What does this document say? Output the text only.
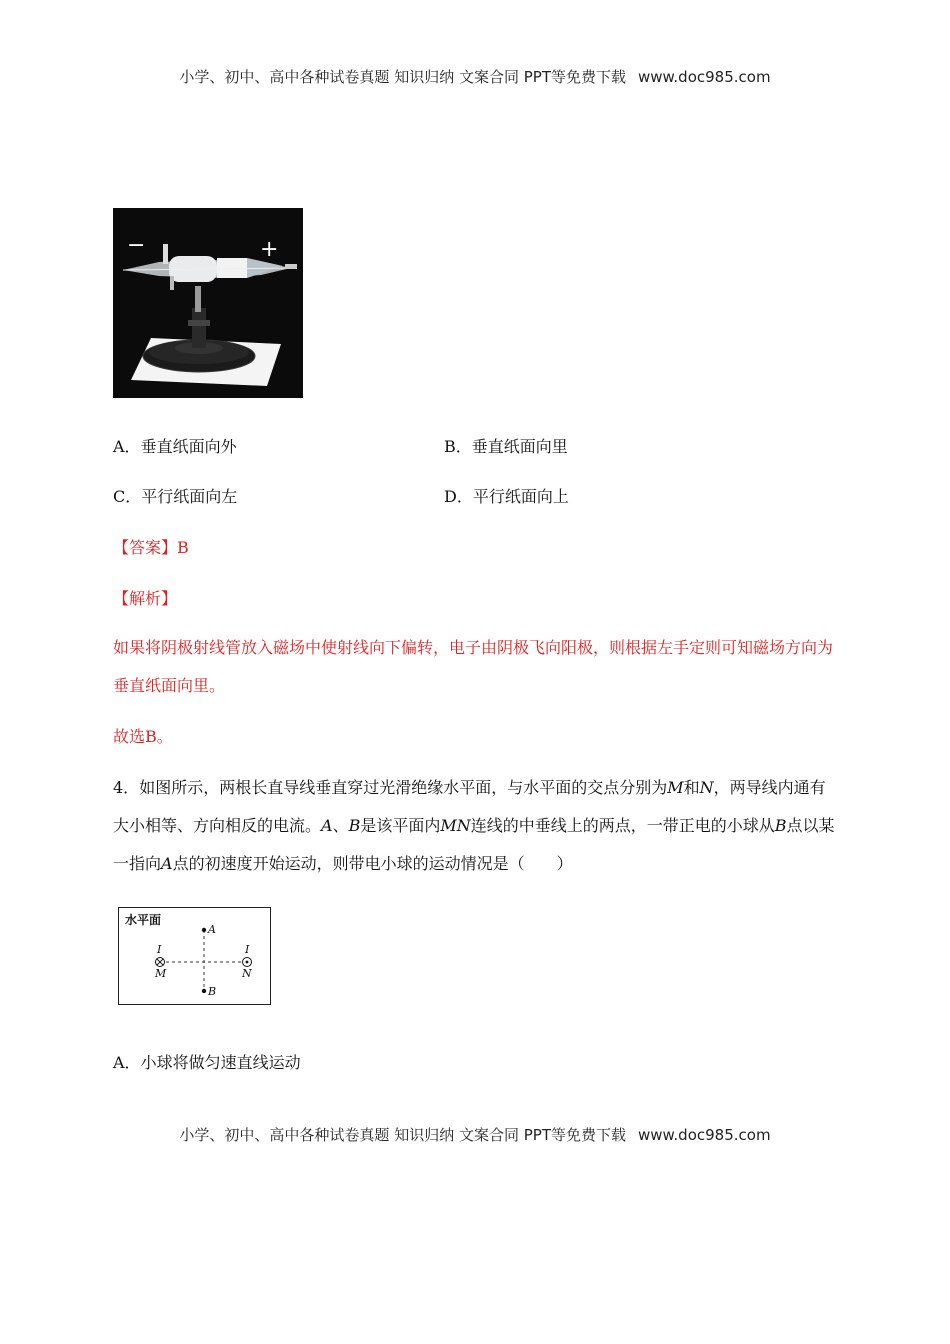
小学、初中、高中各种试卷真题 知识归纳 文案合同 PPT等免费下载 www.doc985.com
−	+
A．垂直纸面向外	B．垂直纸面向里
C．平行纸面向左	D．平行纸面向上
【答案】B
【解析】
如果将阴极射线管放入磁场中使射线向下偏转，电子由阴极飞向阳极，则根据左手定则可知磁场方向为垂直纸面向里。
故选B。
4．如图所示，两根长直导线垂直穿过光滑绝缘水平面，与水平面的交点分别为M和N，两导线内通有大小相等、方向相反的电流。A、B是该平面内MN连线的中垂线上的两点，一带正电的小球从B点以某一指向A点的初速度开始运动，则带电小球的运动情况是（　　）
水平面
A
B
I
M
I
N
A．小球将做匀速直线运动
小学、初中、高中各种试卷真题 知识归纳 文案合同 PPT等免费下载 www.doc985.com
